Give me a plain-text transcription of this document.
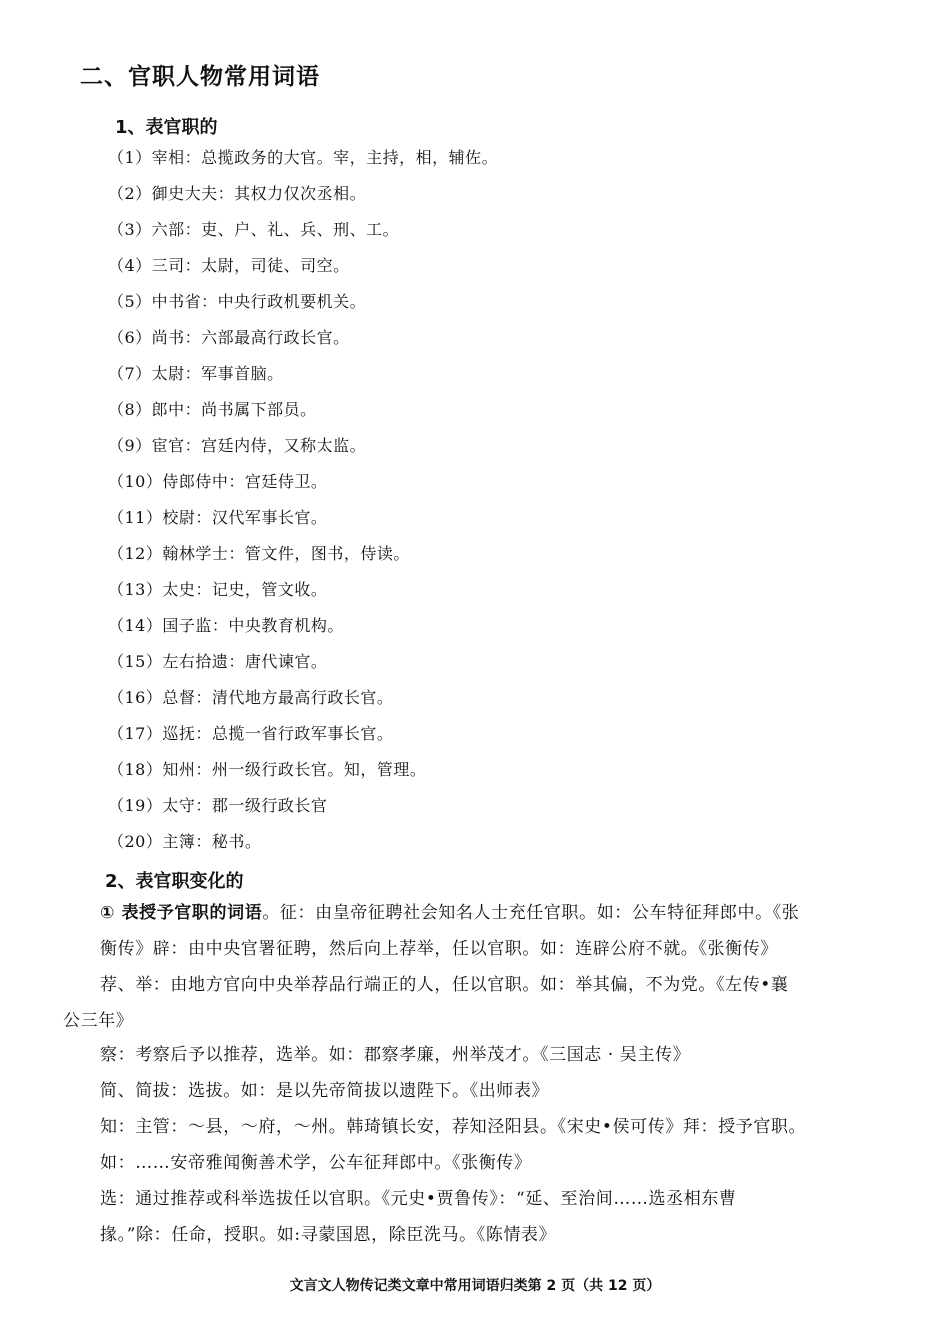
二、官职人物常用词语
1、表官职的
（1）宰相：总揽政务的大官。宰，主持，相，辅佐。
（2）御史大夫：其权力仅次丞相。
（3）六部：吏、户、礼、兵、刑、工。
（4）三司：太尉，司徒、司空。
（5）中书省：中央行政机要机关。
（6）尚书：六部最高行政长官。
（7）太尉：军事首脑。
（8）郎中：尚书属下部员。
（9）宦官：宫廷内侍，又称太监。
（10）侍郎侍中：宫廷侍卫。
（11）校尉：汉代军事长官。
（12）翰林学士：管文件，图书，侍读。
（13）太史：记史，管文收。
（14）国子监：中央教育机构。
（15）左右拾遗：唐代谏官。
（16）总督：清代地方最高行政长官。
（17）巡抚：总揽一省行政军事长官。
（18）知州：州一级行政长官。知，管理。
（19）太守：郡一级行政长官
（20）主簿：秘书。
2、表官职变化的
① 表授予官职的词语。征：由皇帝征聘社会知名人士充任官职。如：公车特征拜郎中。《张
衡传》辟：由中央官署征聘，然后向上荐举，任以官职。如：连辟公府不就。《张衡传》
荐、举：由地方官向中央举荐品行端正的人，任以官职。如：举其偏，不为党。《左传•襄
公三年》
察：考察后予以推荐，选举。如：郡察孝廉，州举茂才。《三国志 · 吴主传》
简、简拔：选拔。如：是以先帝简拔以遗陛下。《出师表》
知：主管：～县，～府，～州。韩琦镇长安，荐知泾阳县。《宋史•侯可传》拜：授予官职。
如：……安帝雅闻衡善术学，公车征拜郎中。《张衡传》
选：通过推荐或科举选拔任以官职。《元史•贾鲁传》：“延、至治间……选丞相东曹
掾。”除：任命，授职。如:寻蒙国恩，除臣洗马。《陈情表》
文言文人物传记类文章中常用词语归类第 2 页（共 12 页）
